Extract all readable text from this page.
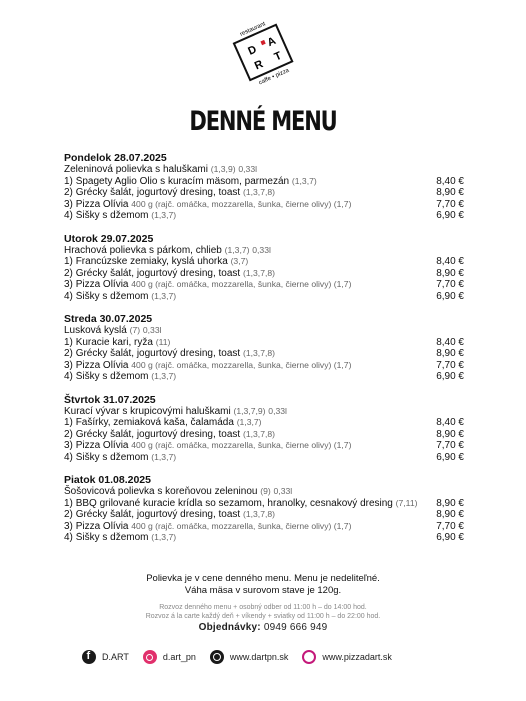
restaurant
D
A
R
T
caffe • pizza
DENNÉ MENU
Pondelok 28.07.2025
Zeleninová polievka s haluškami (1,3,9) 0,33l
1) Špagety Aglio Olio s kuracím mäsom, parmezán (1,3,7)	8,40 €
2) Grécky šalát, jogurtový dresing, toast (1,3,7,8)	8,90 €
3) Pizza Olívia 400 g (rajč. omáčka, mozzarella, šunka, čierne olivy) (1,7)	7,70 €
4) Šišky s džemom (1,3,7)	6,90 €
Utorok 29.07.2025
Hrachová polievka s párkom, chlieb (1,3,7) 0,33l
1) Francúzske zemiaky, kyslá uhorka (3,7)	8,40 €
2) Grécky šalát, jogurtový dresing, toast (1,3,7,8)	8,90 €
3) Pizza Olívia 400 g (rajč. omáčka, mozzarella, šunka, čierne olivy) (1,7)	7,70 €
4) Šišky s džemom (1,3,7)	6,90 €
Streda 30.07.2025
Lusková kyslá (7) 0,33l
1) Kuracie kari, ryža (11)	8,40 €
2) Grécky šalát, jogurtový dresing, toast (1,3,7,8)	8,90 €
3) Pizza Olívia 400 g (rajč. omáčka, mozzarella, šunka, čierne olivy) (1,7)	7,70 €
4) Šišky s džemom (1,3,7)	6,90 €
Štvrtok 31.07.2025
Kurací vývar s krupicovými haluškami (1,3,7,9) 0,33l
1) Fašírky, zemiaková kaša, čalamáda (1,3,7)	8,40 €
2) Grécky šalát, jogurtový dresing, toast (1,3,7,8)	8,90 €
3) Pizza Olívia 400 g (rajč. omáčka, mozzarella, šunka, čierne olivy) (1,7)	7,70 €
4) Šišky s džemom (1,3,7)	6,90 €
Piatok 01.08.2025
Šošovicová polievka s koreňovou zeleninou (9) 0,33l
1) BBQ grilované kuracie krídla so sezamom, hranolky, cesnakový dresing (7,11)	8,90 €
2) Grécky šalát, jogurtový dresing, toast (1,3,7,8)	8,90 €
3) Pizza Olívia 400 g (rajč. omáčka, mozzarella, šunka, čierne olivy) (1,7)	7,70 €
4) Šišky s džemom (1,3,7)	6,90 €
Polievka je v cene denného menu. Menu je nedeliteľné.
Váha mäsa v surovom stave je 120g.
Rozvoz denného menu + osobný odber od 11:00 h – do 14:00 hod.
Rozvoz á la carte každý deň + víkendy + sviatky od 11:00 h – do 22:00 hod.
Objednávky: 0949 666 949
f
D.ART	d.art_pn	www.dartpn.sk	www.pizzadart.sk
